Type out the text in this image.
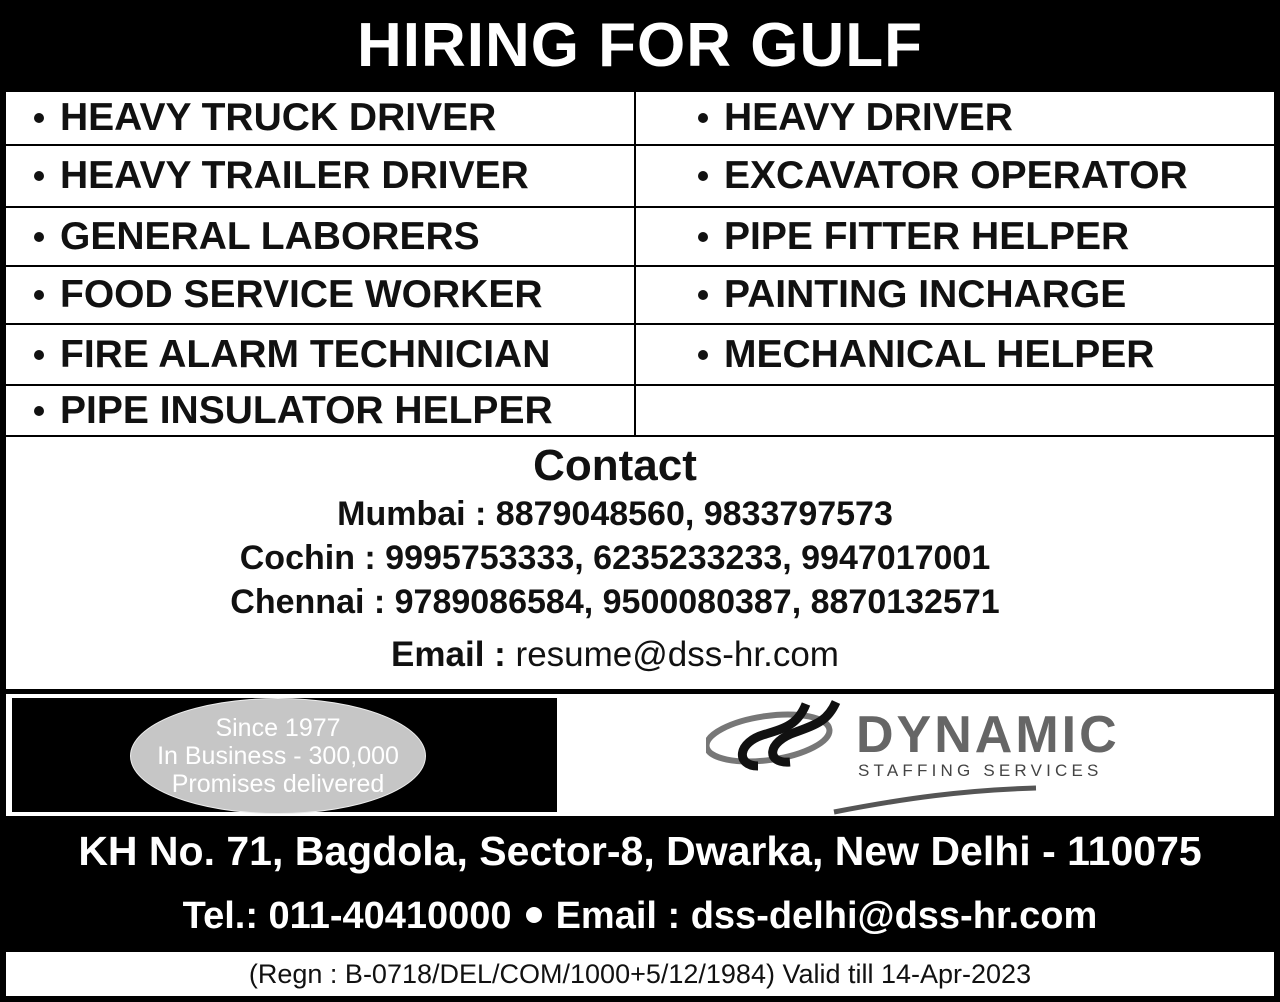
HIRING FOR GULF
HEAVY TRUCK DRIVER	HEAVY DRIVER
HEAVY TRAILER DRIVER	EXCAVATOR OPERATOR
GENERAL LABORERS	PIPE FITTER HELPER
FOOD SERVICE WORKER	PAINTING INCHARGE
FIRE ALARM TECHNICIAN	MECHANICAL HELPER
PIPE INSULATOR HELPER
Contact
Mumbai : 8879048560, 9833797573
Cochin : 9995753333, 6235233233, 9947017001
Chennai : 9789086584, 9500080387, 8870132571
Email : resume@dss-hr.com
Since 1977
In Business - 300,000
Promises delivered
DYNAMIC
STAFFING SERVICES
KH No. 71, Bagdola, Sector-8, Dwarka, New Delhi - 110075
Tel.: 011-40410000 Email : dss-delhi@dss-hr.com
(Regn : B-0718/DEL/COM/1000+5/12/1984) Valid till 14-Apr-2023
